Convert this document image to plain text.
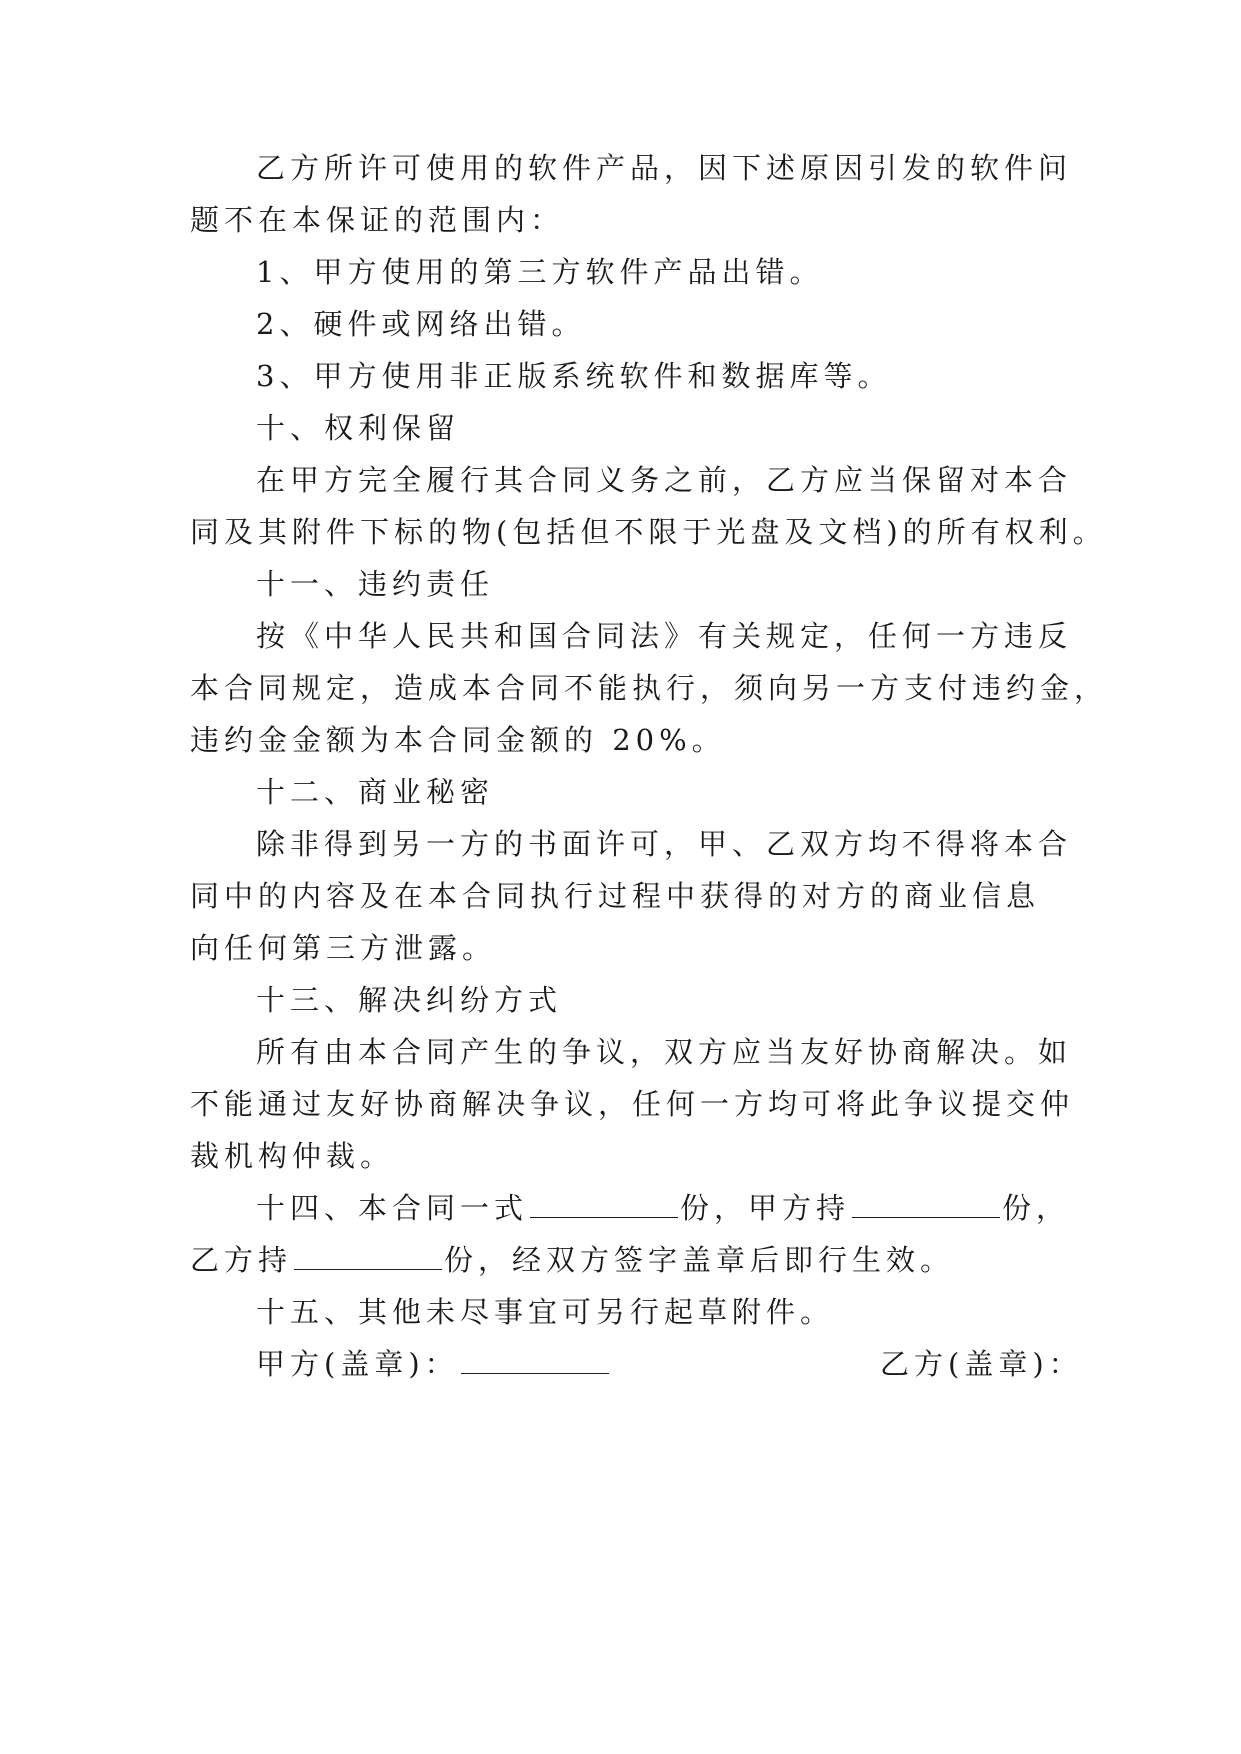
乙方所许可使用的软件产品，因下述原因引发的软件问
题不在本保证的范围内：
1、甲方使用的第三方软件产品出错。
2、硬件或网络出错。
3、甲方使用非正版系统软件和数据库等。
十、权利保留
在甲方完全履行其合同义务之前，乙方应当保留对本合
同及其附件下标的物(包括但不限于光盘及文档)的所有权利。
十一、违约责任
按《中华人民共和国合同法》有关规定，任何一方违反
本合同规定，造成本合同不能执行，须向另一方支付违约金，
违约金金额为本合同金额的 20%。
十二、商业秘密
除非得到另一方的书面许可，甲、乙双方均不得将本合
同中的内容及在本合同执行过程中获得的对方的商业信息
向任何第三方泄露。
十三、解决纠纷方式
所有由本合同产生的争议，双方应当友好协商解决。如
不能通过友好协商解决争议，任何一方均可将此争议提交仲
裁机构仲裁。
十四、本合同一式	份，甲方持	份，
乙方持	份，经双方签字盖章后即行生效。
十五、其他未尽事宜可另行起草附件。
甲方(盖章)：	乙方(盖章)：
